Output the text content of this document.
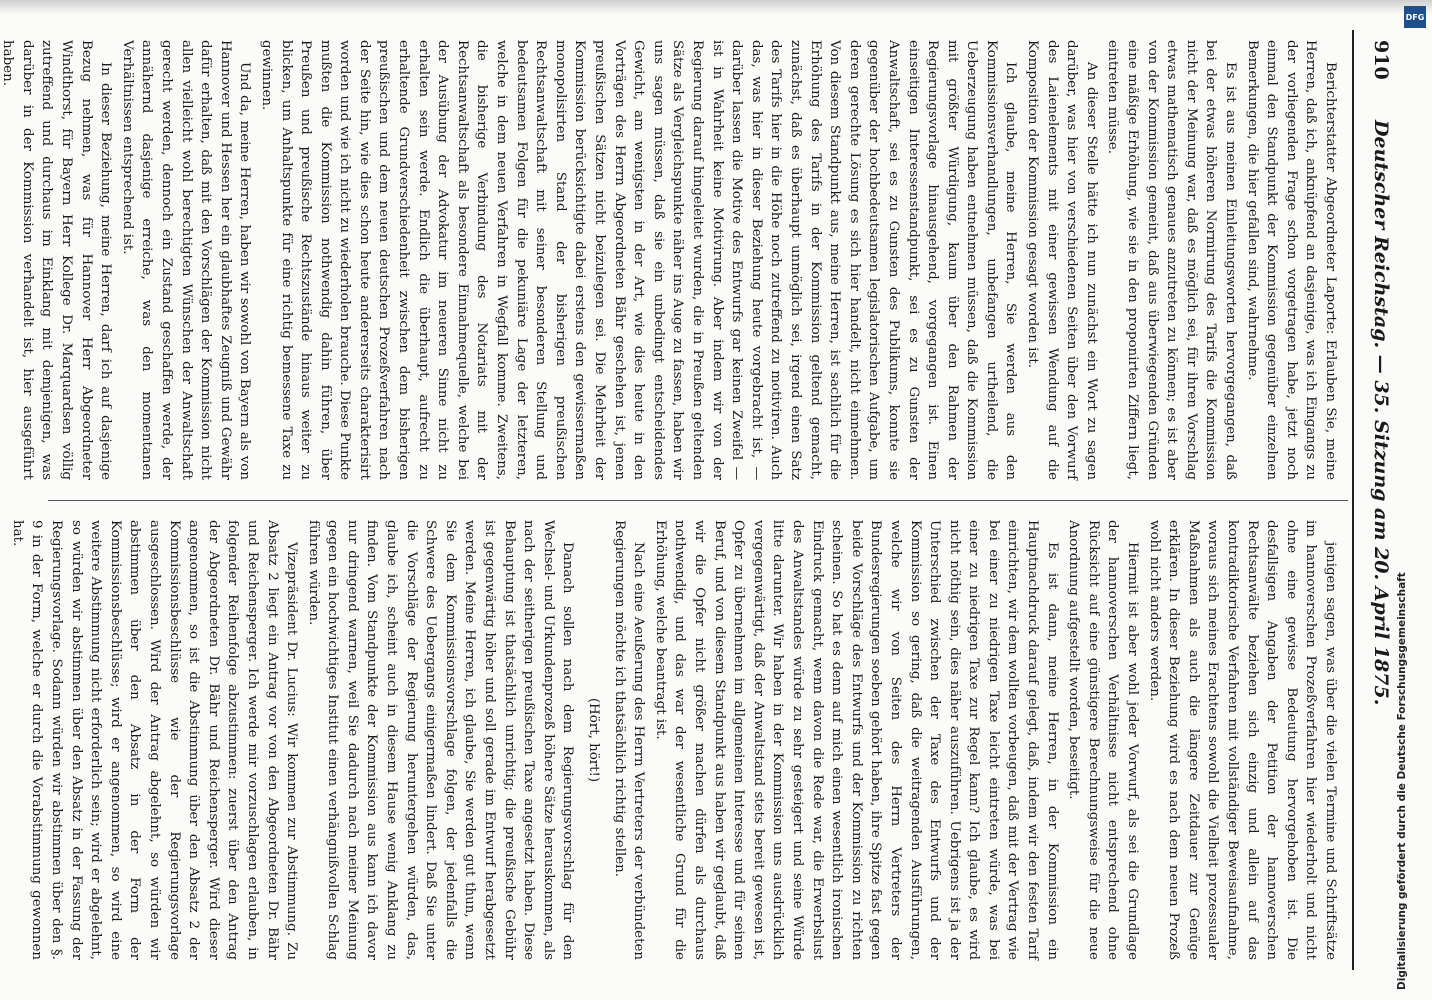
910
Deutscher Reichstag. — 35. Sitzung am 20. April 1875.

Berichterstatter Abgeordneter Laporte: Erlauben Sie, meine Herren, daß ich, anknüpfend an dasjenige, was ich Eingangs zu der vorliegenden Frage schon vorgetragen habe, jetzt noch einmal den Standpunkt der Kommission gegenüber einzelnen Bemerkungen, die hier gefallen sind, wahrnehme.

Es ist aus meinen Einleitungsworten hervorgegangen, daß bei der etwas höheren Normirung des Tarifs die Kommission nicht der Meinung war, daß es möglich sei, für ihren Vorschlag etwas mathematisch genaues anzutreten zu können; es ist aber von der Kommission gemeint, daß aus überwiegenden Gründen eine mäßige Erhöhung, wie sie in den proponirten Ziffern liegt, eintreten müsse.

An dieser Stelle hätte ich nun zunächst ein Wort zu sagen darüber, was hier von verschiedenen Seiten über den Vorwurf des Laienelements mit einer gewissen Wendung auf die Komposition der Kommission gesagt worden ist.

Ich glaube, meine Herren, Sie werden aus den Kommissionsverhandlungen, unbefangen urtheilend, die Ueberzeugung haben entnehmen müssen, daß die Kommission mit größter Würdigung, kaum über den Rahmen der Regierungsvorlage hinausgehend, vorgegangen ist. Einen einseitigen Interessenstandpunkt, sei es zu Gunsten der Anwaltschaft, sei es zu Gunsten des Publikums, konnte sie gegenüber der hochbedeutsamen legislatorischen Aufgabe, um deren gerechte Lösung es sich hier handelt, nicht einnehmen. Von diesem Standpunkt aus, meine Herren, ist sachlich für die Erhöhung des Tarifs in der Kommission geltend gemacht, zunächst, daß es überhaupt unmöglich sei, irgend einen Satz des Tarifs hier in die Höhe noch zutreffend zu motiviren. Auch das, was hier in dieser Beziehung heute vorgebracht ist, — darüber lassen die Motive des Entwurfs gar keinen Zweifel — ist in Wahrheit keine Motivirung. Aber indem wir von der Regierung darauf hingeleitet wurden, die in Preußen geltenden Sätze als Vergleichspunkte näher ins Auge zu fassen, haben wir uns sagen müssen, daß sie ein unbedingt entscheidendes Gewicht, am wenigsten in der Art, wie dies heute in den Vorträgen des Herrn Abgeordneten Bähr geschehen ist, jenen preußischen Sätzen nicht beizulegen sei. Die Mehrheit der Kommission berücksichtigte dabei erstens den gewissermaßen monopolisirten Stand der bisherigen preußischen Rechtsanwaltschaft mit seiner besonderen Stellung und bedeutsamen Folgen für die pekuniäre Lage der letzteren, welche in dem neuen Verfahren in Wegfall komme. Zweitens, die bisherige Verbindung des Notariats mit der Rechtsanwaltschaft als besondere Einnahmequelle, welche bei der Ausübung der Advokatur im neueren Sinne nicht zu erhalten sein werde. Endlich die überhaupt, aufrecht zu erhaltende Grundverschiedenheit zwischen dem bisherigen preußischen und dem neuen deutschen Prozeßverfahren nach der Seite hin, wie dies schon heute andererseits charakterisirt worden und wie ich nicht zu wiederholen brauche. Diese Punkte mußten die Kommission nothwendig dahin führen, über Preußen und preußische Rechtszustände hinaus weiter zu blicken, um Anhaltspunkte für eine richtig bemessene Taxe zu gewinnen.

Und da, meine Herren, haben wir sowohl von Bayern als von Hannover und Hessen her ein glaubhaftes Zeugniß und Gewähr dafür erhalten, daß mit den Vorschlägen der Kommission nicht allen vielleicht wohl berechtigten Wünschen der Anwaltschaft gerecht werden, dennoch ein Zustand geschaffen werde, der annähernd dasjenige erreiche, was den momentanen Verhältnissen entsprechend ist.

In dieser Beziehung, meine Herren, darf ich auf dasjenige Bezug nehmen, was für Hannover Herr Abgeordneter Windthorst, für Bayern Herr Kollege Dr. Marquardsen völlig zutreffend und durchaus im Einklang mit demjenigen, was darüber in der Kommission verhandelt ist, hier ausgeführt haben.

jenigen sagen, was über die vielen Termine und Schriftsätze im hannoverschen Prozeßverfahren hier wiederholt und nicht ohne eine gewisse Bedeutung hervorgehoben ist. Die desfallsigen Angaben der Petition der hannoverschen Rechtsanwälte beziehen sich einzig und allein auf das kontradiktorische Verfahren mit vollständiger Beweisaufnahme, woraus sich meines Erachtens sowohl die Vielheit prozessualer Maßnahmen als auch die längere Zeitdauer zur Genüge erklären. In dieser Beziehung wird es nach dem neuen Prozeß wohl nicht anders werden.

Hiermit ist aber wohl jeder Vorwurf, als sei die Grundlage der hannoverschen Verhältnisse nicht entsprechend ohne Rücksicht auf eine günstigere Berechnungsweise für die neue Anordnung aufgestellt worden, beseitigt.

Es ist dann, meine Herren, in der Kommission ein Hauptnachdruck darauf gelegt, daß, indem wir den festen Tarif einrichten, wir dem wollten vorbeugen, daß mit der Vertrag wie bei einer zu niedrigen Taxe leicht eintreten würde, was bei einer zu niedrigen Taxe zur Regel kann? Ich glaube, es wird nicht nöthig sein, dies näher auszuführen. Uebrigens ist ja der Unterschied zwischen der Taxe des Entwurfs und der Kommission so gering, daß die weitragenden Ausführungen, welche wir von Seiten des Herrn Vertreters der Bundesregierungen soeben gehört haben, ihre Spitze fast gegen beide Vorschläge des Entwurfs und der Kommission zu richten scheinen. So hat es denn auf mich einen wesentlich ironischen Eindruck gemacht, wenn davon die Rede war, die Erwerbslust des Anwaltstandes würde zu sehr gesteigert und seine Würde litte darunter. Wir haben in der Kommission uns ausdrücklich vergegenwärtigt, daß der Anwaltstand stets bereit gewesen ist, Opfer zu übernehmen im allgemeinen Interesse und für seinen Beruf, und von diesem Standpunkt aus haben wir geglaubt, daß wir die Opfer nicht größer machen dürfen als durchaus nothwendig, und das war der wesentliche Grund für die Erhöhung, welche beantragt ist.

Nach eine Aeußerung des Herrn Vertreters der verbündeten Regierungen möchte ich thatsächlich richtig stellen.

(Hört, hört!)

Danach sollen nach dem Regierungsvorschlag für den Wechsel- und Urkundenprozeß höhere Sätze herauskommen, als nach der seitherigen preußischen Taxe angesetzt haben. Diese Behauptung ist thatsächlich unrichtig; die preußische Gebühr ist gegenwärtig höher und soll gerade im Entwurf herabgesetzt werden. Meine Herren, ich glaube, Sie werden gut thun, wenn Sie dem Kommissionsvorschlage folgen, der jedenfalls die Schwere des Uebergangs einigermaßen lindert. Daß Sie unter die Vorschläge der Regierung heruntergehen würden, das, glaube ich, scheint auch in diesem Hause wenig Anklang zu finden. Vom Standpunkte der Kommission aus kann ich davor nur dringend warnen, weil Sie dadurch nach meiner Meinung gegen ein hochwichtiges Institut einen verhängnißvollen Schlag führen würden.

Vizepräsident Dr. Lucius: Wir kommen zur Abstimmung. Zu Absatz 2 liegt ein Antrag vor von den Abgeordneten Dr. Bähr und Reichensperger. Ich werde mir vorzuschlagen erlauben, in folgender Reihenfolge abzustimmen: zuerst über den Antrag der Abgeordneten Dr. Bähr und Reichensperger. Wird dieser angenommen, so ist die Abstimmung über den Absatz 2 der Kommissionsbeschlüsse wie der Regierungsvorlage ausgeschlossen. Wird der Antrag abgelehnt, so würden wir abstimmen über den Absatz in der Form der Kommissionsbeschlüsse; wird er angenommen, so wird eine weitere Abstimmung nicht erforderlich sein; wird er abgelehnt, so würden wir abstimmen über den Absatz in der Fassung der Regierungsvorlage. Sodann würden wir abstimmen über den §. 9 in der Form, welche er durch die Vorabstimmung gewonnen hat.

DFG
Digitalisierung gefördert durch die Deutsche Forschungsgemeinschaft
